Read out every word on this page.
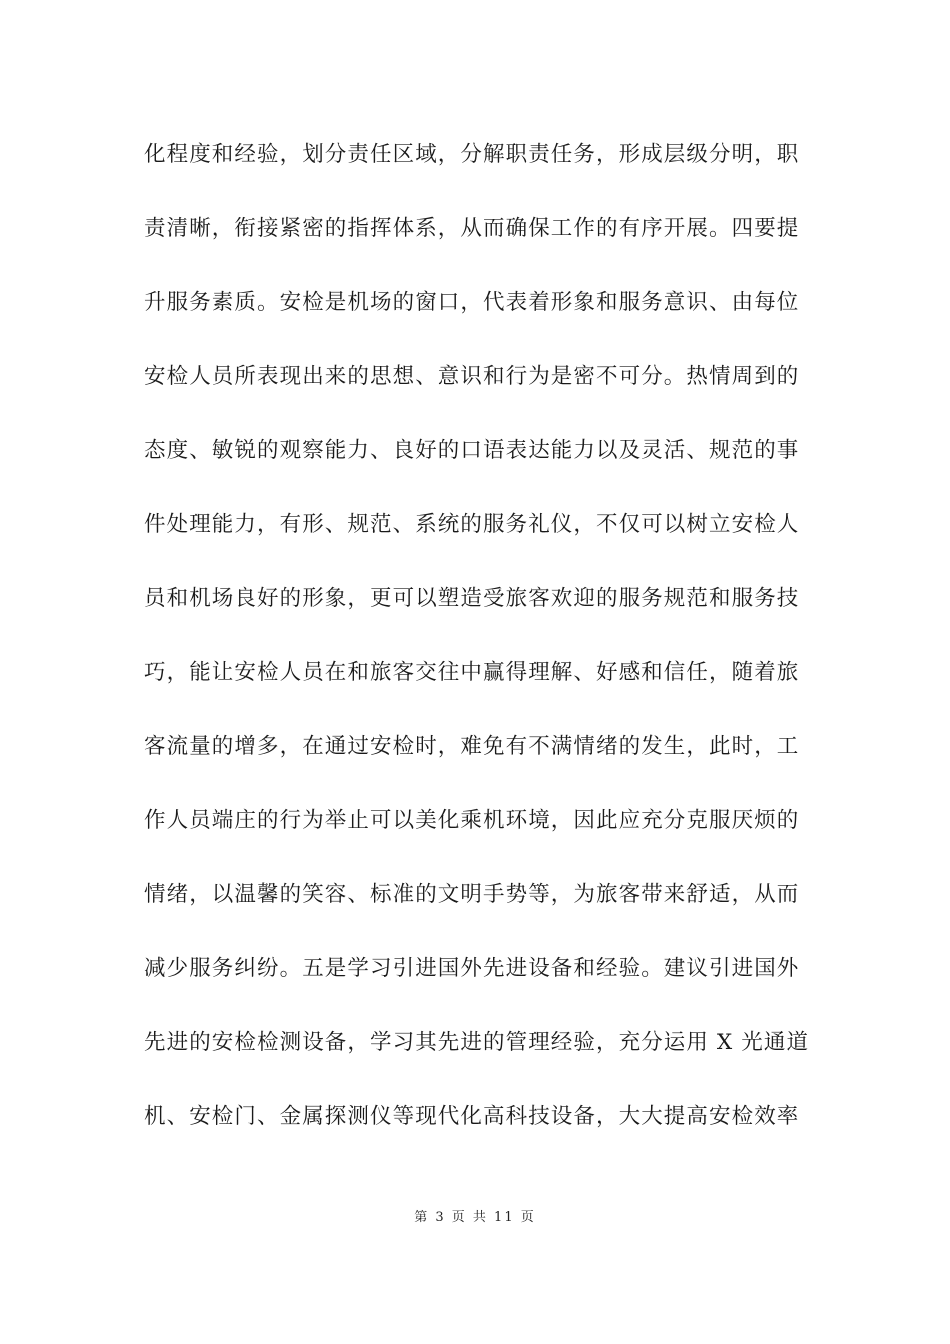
化程度和经验，划分责任区域，分解职责任务，形成层级分明，职
责清晰，衔接紧密的指挥体系，从而确保工作的有序开展。四要提
升服务素质。安检是机场的窗口，代表着形象和服务意识、由每位
安检人员所表现出来的思想、意识和行为是密不可分。热情周到的
态度、敏锐的观察能力、良好的口语表达能力以及灵活、规范的事
件处理能力，有形、规范、系统的服务礼仪，不仅可以树立安检人
员和机场良好的形象，更可以塑造受旅客欢迎的服务规范和服务技
巧，能让安检人员在和旅客交往中赢得理解、好感和信任，随着旅
客流量的增多，在通过安检时，难免有不满情绪的发生，此时，工
作人员端庄的行为举止可以美化乘机环境，因此应充分克服厌烦的
情绪，以温馨的笑容、标准的文明手势等，为旅客带来舒适，从而
减少服务纠纷。五是学习引进国外先进设备和经验。建议引进国外
先进的安检检测设备，学习其先进的管理经验，充分运用 X 光通道
机、安检门、金属探测仪等现代化高科技设备，大大提高安检效率
第 3 页 共 11 页
